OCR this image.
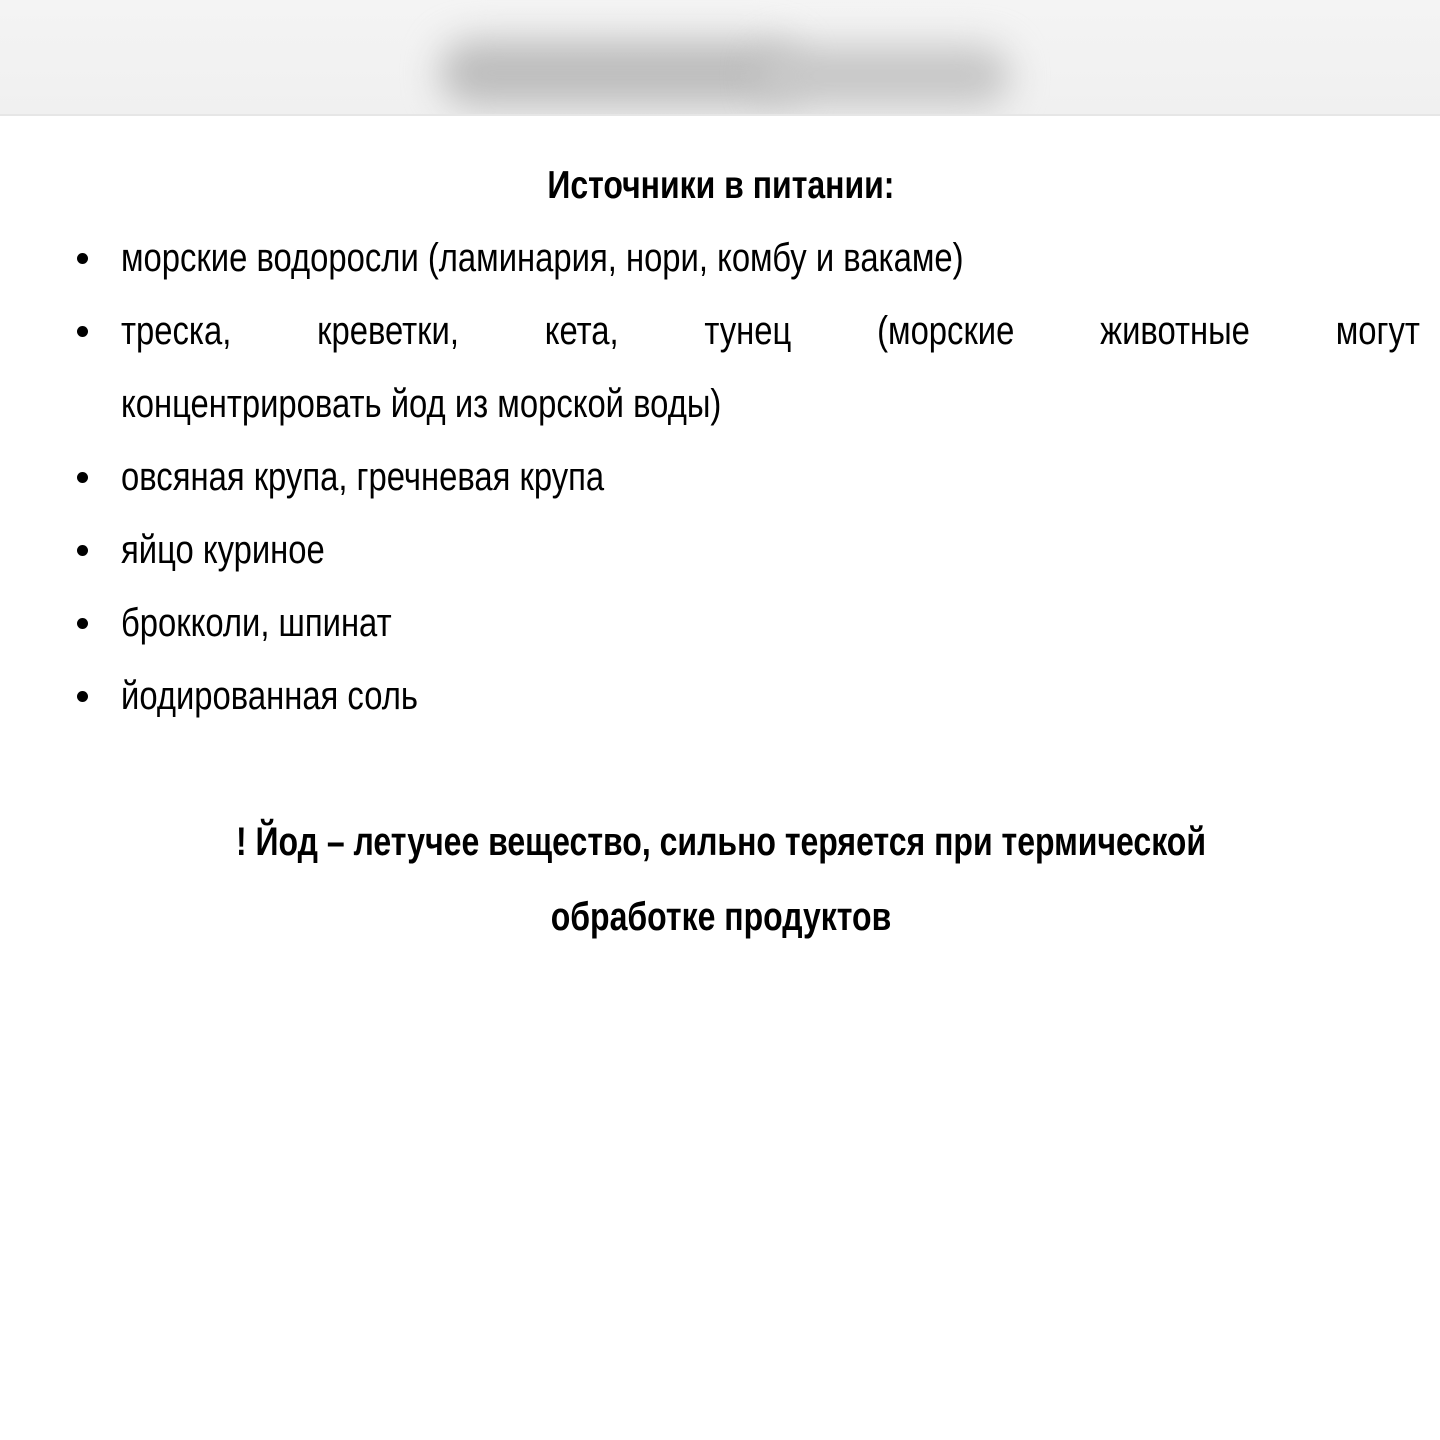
Источники в питании:
морские водоросли (ламинария, нори, комбу и вакаме)
треска, креветки, кета, тунец (морские животные могут
концентрировать йод из морской воды)
овсяная крупа, гречневая крупа
яйцо куриное
брокколи, шпинат
йодированная соль

! Йод – летучее вещество, сильно теряется при термической
обработке продуктов
